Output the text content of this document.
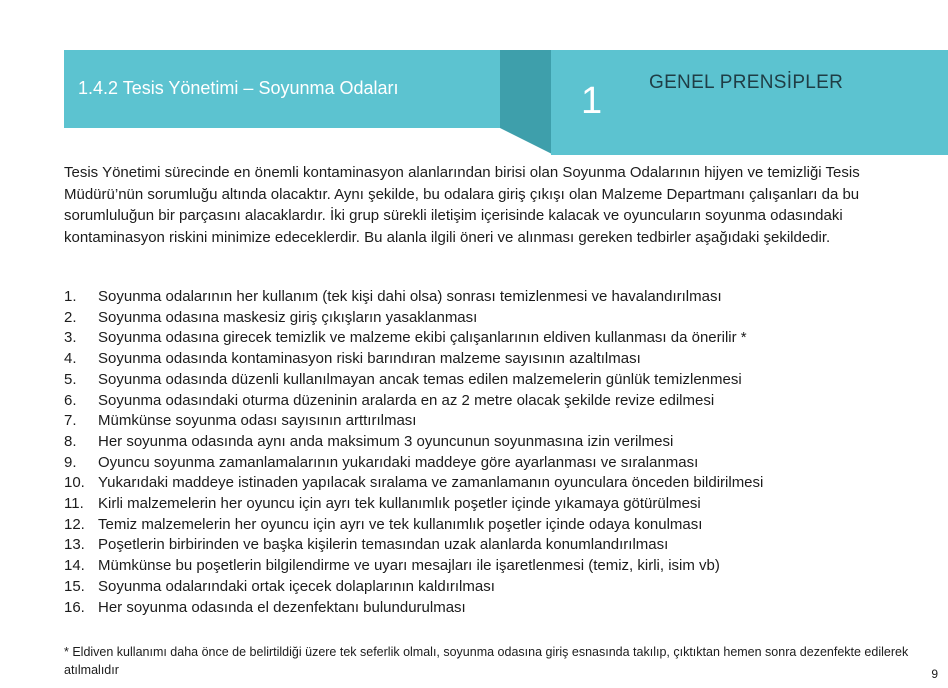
1.4.2 Tesis Yönetimi – Soyunma Odaları	1 GENEL PRENSİPLER

Tesis Yönetimi sürecinde en önemli kontaminasyon alanlarından birisi olan Soyunma Odalarının hijyen ve temizliği Tesis Müdürü’nün sorumluğu altında olacaktır. Aynı şekilde, bu odalara giriş çıkışı olan Malzeme Departmanı çalışanları da bu sorumluluğun bir parçasını alacaklardır. İki grup sürekli iletişim içerisinde kalacak ve oyuncuların soyunma odasındaki kontaminasyon riskini minimize edeceklerdir. Bu alanla ilgili öneri ve alınması gereken tedbirler aşağıdaki şekildedir.

1.	Soyunma odalarının her kullanım (tek kişi dahi olsa) sonrası temizlenmesi ve havalandırılması
2.	Soyunma odasına maskesiz giriş çıkışların yasaklanması
3.	Soyunma odasına girecek temizlik ve malzeme ekibi çalışanlarının eldiven kullanması da önerilir *
4.	Soyunma odasında kontaminasyon riski barındıran malzeme sayısının azaltılması
5.	Soyunma odasında düzenli kullanılmayan ancak temas edilen malzemelerin günlük temizlenmesi
6.	Soyunma odasındaki oturma düzeninin aralarda en az 2 metre olacak şekilde revize edilmesi
7.	Mümkünse soyunma odası sayısının arttırılması
8.	Her soyunma odasında aynı anda maksimum 3 oyuncunun soyunmasına izin verilmesi
9.	Oyuncu soyunma zamanlamalarının yukarıdaki maddeye göre ayarlanması ve sıralanması
10. Yukarıdaki maddeye istinaden yapılacak sıralama ve zamanlamanın oyunculara önceden bildirilmesi
11. Kirli malzemelerin her oyuncu için ayrı tek kullanımlık poşetler içinde yıkamaya götürülmesi
12. Temiz malzemelerin her oyuncu için ayrı ve tek kullanımlık poşetler içinde odaya konulması
13. Poşetlerin birbirinden ve başka kişilerin temasından uzak alanlarda konumlandırılması
14. Mümkünse bu poşetlerin bilgilendirme ve uyarı mesajları ile işaretlenmesi (temiz, kirli, isim vb)
15. Soyunma odalarındaki ortak içecek dolaplarının kaldırılması
16. Her soyunma odasında el dezenfektanı bulundurulması

* Eldiven kullanımı daha önce de belirtildiği üzere tek seferlik olmalı, soyunma odasına giriş esnasında takılıp, çıktıktan hemen sonra dezenfekte edilerek atılmalıdır	9
